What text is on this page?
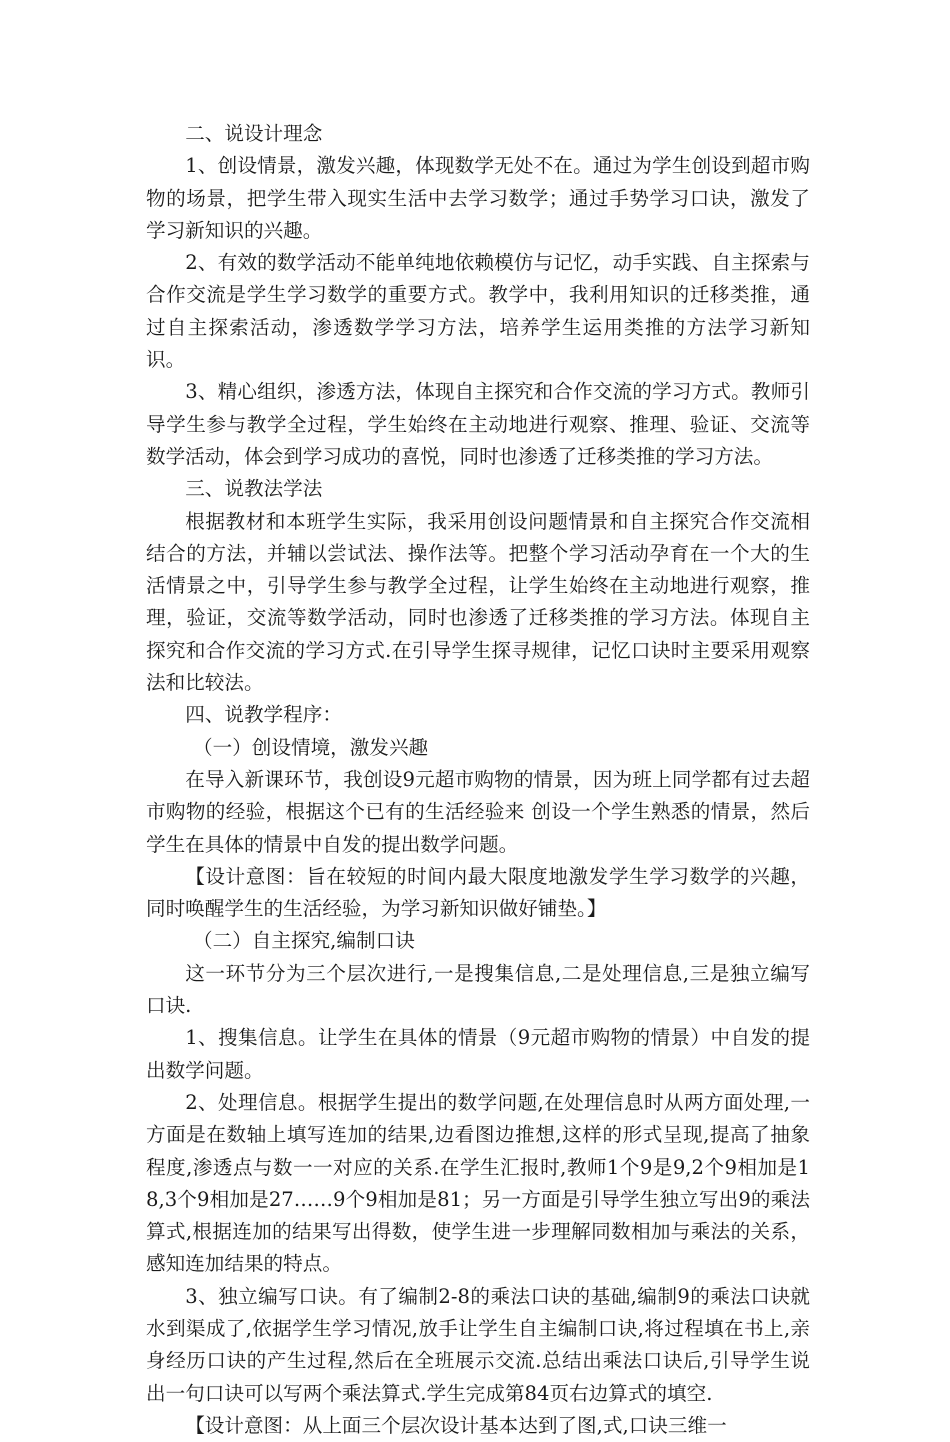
二、说设计理念

1、创设情景，激发兴趣，体现数学无处不在。通过为学生创设到超市购物的场景，把学生带入现实生活中去学习数学；通过手势学习口诀，激发了学习新知识的兴趣。

2、有效的数学活动不能单纯地依赖模仿与记忆，动手实践、自主探索与合作交流是学生学习数学的重要方式。教学中，我利用知识的迁移类推，通过自主探索活动，渗透数学学习方法，培养学生运用类推的方法学习新知识。

3、精心组织，渗透方法，体现自主探究和合作交流的学习方式。教师引导学生参与教学全过程，学生始终在主动地进行观察、推理、验证、交流等数学活动，体会到学习成功的喜悦，同时也渗透了迁移类推的学习方法。

三、说教法学法

根据教材和本班学生实际，我采用创设问题情景和自主探究合作交流相结合的方法，并辅以尝试法、操作法等。把整个学习活动孕育在一个大的生活情景之中，引导学生参与教学全过程，让学生始终在主动地进行观察，推理，验证，交流等数学活动，同时也渗透了迁移类推的学习方法。体现自主探究和合作交流的学习方式.在引导学生探寻规律，记忆口诀时主要采用观察法和比较法。

四、说教学程序：

（一）创设情境，激发兴趣

在导入新课环节，我创设9元超市购物的情景，因为班上同学都有过去超市购物的经验，根据这个已有的生活经验来 创设一个学生熟悉的情景，然后学生在具体的情景中自发的提出数学问题。

【设计意图：旨在较短的时间内最大限度地激发学生学习数学的兴趣，同时唤醒学生的生活经验，为学习新知识做好铺垫。】

（二）自主探究,编制口诀

这一环节分为三个层次进行,一是搜集信息,二是处理信息,三是独立编写口诀.

1、搜集信息。让学生在具体的情景（9元超市购物的情景）中自发的提出数学问题。

2、处理信息。根据学生提出的数学问题,在处理信息时从两方面处理,一方面是在数轴上填写连加的结果,边看图边推想,这样的形式呈现,提高了抽象程度,渗透点与数一一对应的关系.在学生汇报时,教师1个9是9,2个9相加是18,3个9相加是27……9个9相加是81；另一方面是引导学生独立写出9的乘法算式,根据连加的结果写出得数，使学生进一步理解同数相加与乘法的关系，感知连加结果的特点。

3、独立编写口诀。有了编制2-8的乘法口诀的基础,编制9的乘法口诀就水到渠成了,依据学生学习情况,放手让学生自主编制口诀,将过程填在书上,亲身经历口诀的产生过程,然后在全班展示交流.总结出乘法口诀后,引导学生说出一句口诀可以写两个乘法算式.学生完成第84页右边算式的填空.

【设计意图：从上面三个层次设计基本达到了图,式,口诀三维一
